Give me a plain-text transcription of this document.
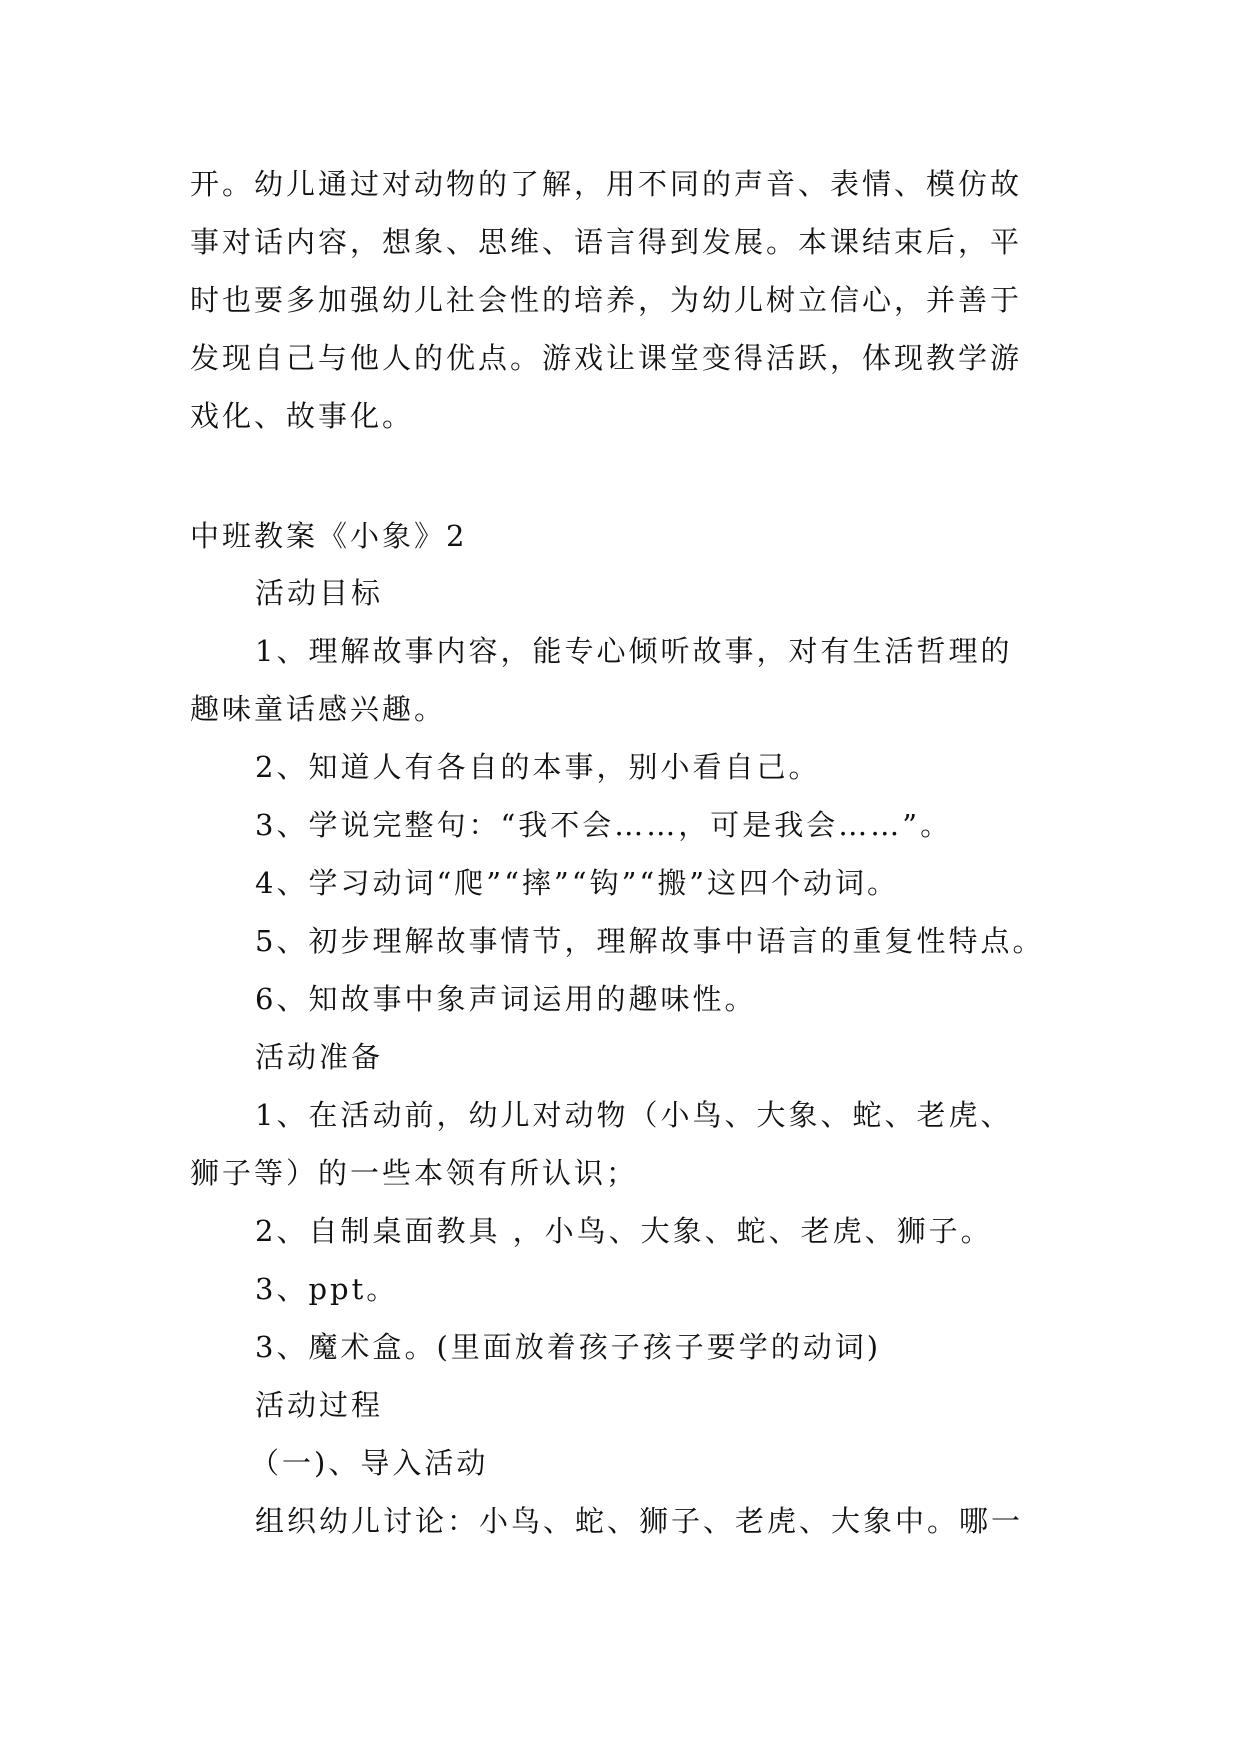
开。幼儿通过对动物的了解，用不同的声音、表情、模仿故
事对话内容，想象、思维、语言得到发展。本课结束后，平
时也要多加强幼儿社会性的培养，为幼儿树立信心，并善于
发现自己与他人的优点。游戏让课堂变得活跃，体现教学游
戏化、故事化。
中班教案《小象》2
活动目标
1、理解故事内容，能专心倾听故事，对有生活哲理的
趣味童话感兴趣。
2、知道人有各自的本事，别小看自己。
3、学说完整句：“我不会……，可是我会……”。
4、学习动词“爬”“摔”“钩”“搬”这四个动词。
5、初步理解故事情节，理解故事中语言的重复性特点。
6、知故事中象声词运用的趣味性。
活动准备
1、在活动前，幼儿对动物（小鸟、大象、蛇、老虎、
狮子等）的一些本领有所认识；
2、自制桌面教具 ，小鸟、大象、蛇、老虎、狮子。
3、ppt。
3、魔术盒。(里面放着孩子孩子要学的动词)
活动过程
（一)、导入活动
组织幼儿讨论：小鸟、蛇、狮子、老虎、大象中。哪一
